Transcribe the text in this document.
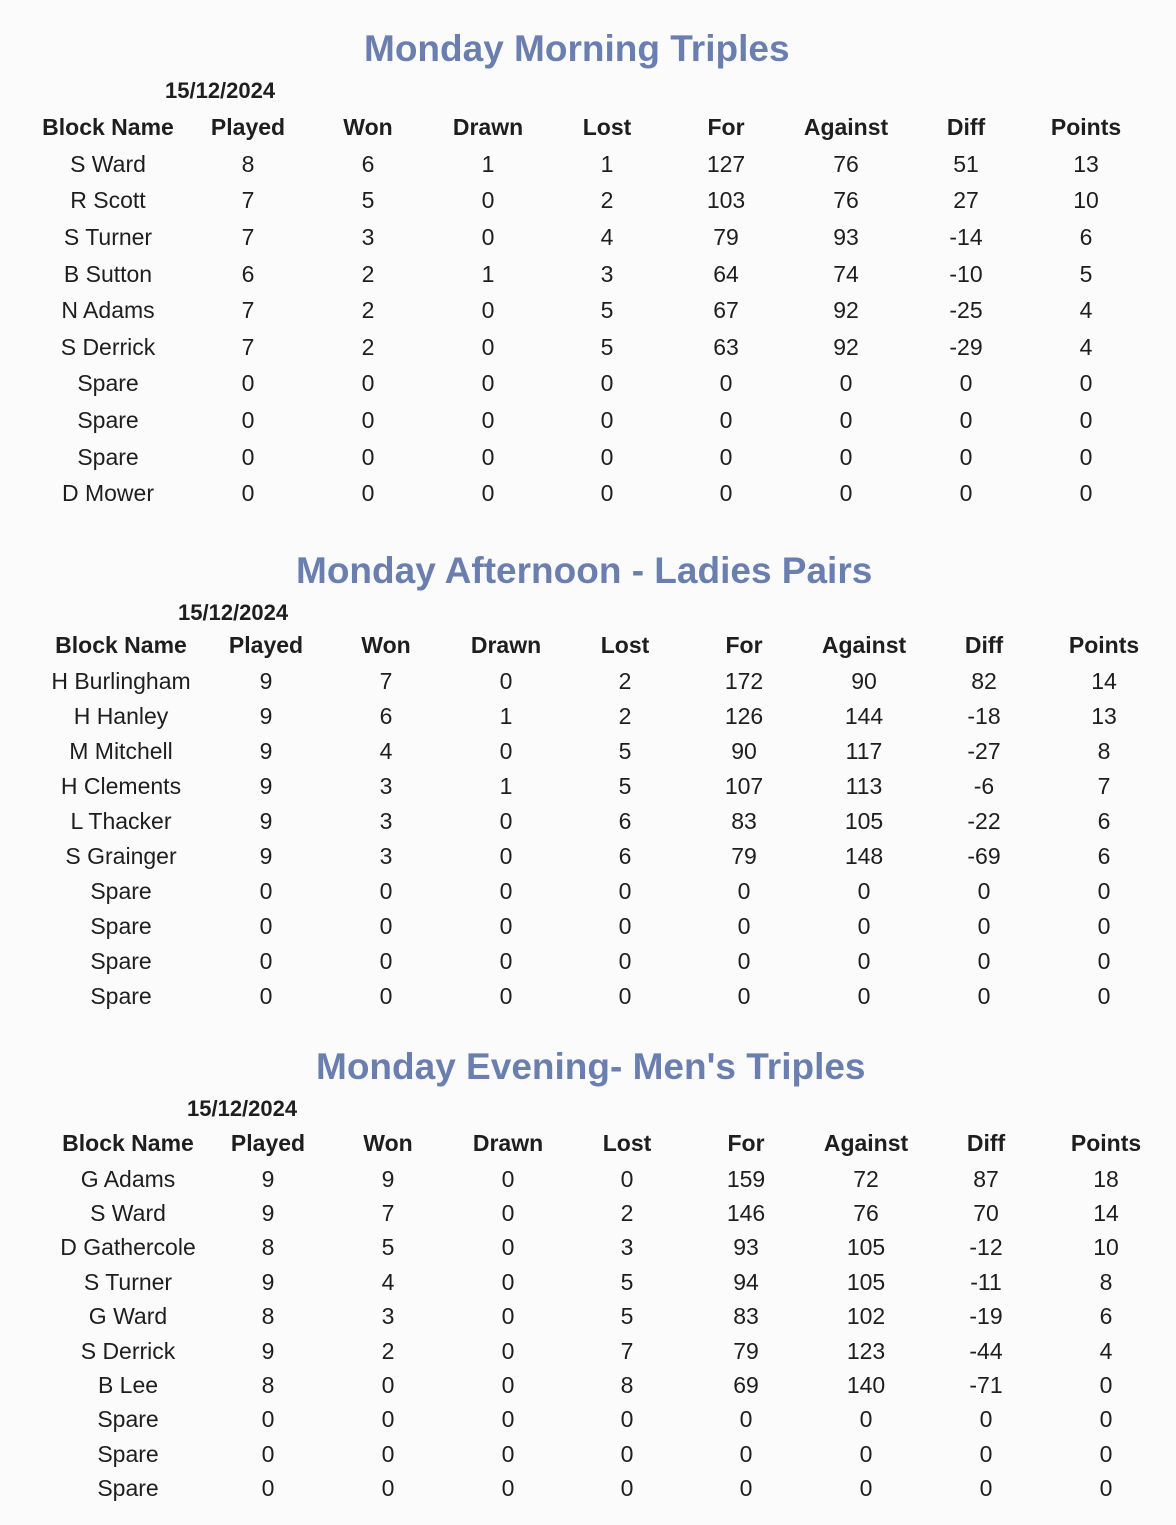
Monday Morning Triples
15/12/2024
Block Name	Played	Won	Drawn	Lost	For	Against	Diff	Points
S Ward	8	6	1	1	127	76	51	13
R Scott	7	5	0	2	103	76	27	10
S Turner	7	3	0	4	79	93	-14	6
B Sutton	6	2	1	3	64	74	-10	5
N Adams	7	2	0	5	67	92	-25	4
S Derrick	7	2	0	5	63	92	-29	4
Spare	0	0	0	0	0	0	0	0
Spare	0	0	0	0	0	0	0	0
Spare	0	0	0	0	0	0	0	0
D Mower	0	0	0	0	0	0	0	0
Monday Afternoon - Ladies Pairs
15/12/2024
Block Name	Played	Won	Drawn	Lost	For	Against	Diff	Points
H Burlingham	9	7	0	2	172	90	82	14
H Hanley	9	6	1	2	126	144	-18	13
M Mitchell	9	4	0	5	90	117	-27	8
H Clements	9	3	1	5	107	113	-6	7
L Thacker	9	3	0	6	83	105	-22	6
S Grainger	9	3	0	6	79	148	-69	6
Spare	0	0	0	0	0	0	0	0
Spare	0	0	0	0	0	0	0	0
Spare	0	0	0	0	0	0	0	0
Spare	0	0	0	0	0	0	0	0
Monday Evening- Men's Triples
15/12/2024
Block Name	Played	Won	Drawn	Lost	For	Against	Diff	Points
G Adams	9	9	0	0	159	72	87	18
S Ward	9	7	0	2	146	76	70	14
D Gathercole	8	5	0	3	93	105	-12	10
S Turner	9	4	0	5	94	105	-11	8
G Ward	8	3	0	5	83	102	-19	6
S Derrick	9	2	0	7	79	123	-44	4
B Lee	8	0	0	8	69	140	-71	0
Spare	0	0	0	0	0	0	0	0
Spare	0	0	0	0	0	0	0	0
Spare	0	0	0	0	0	0	0	0
